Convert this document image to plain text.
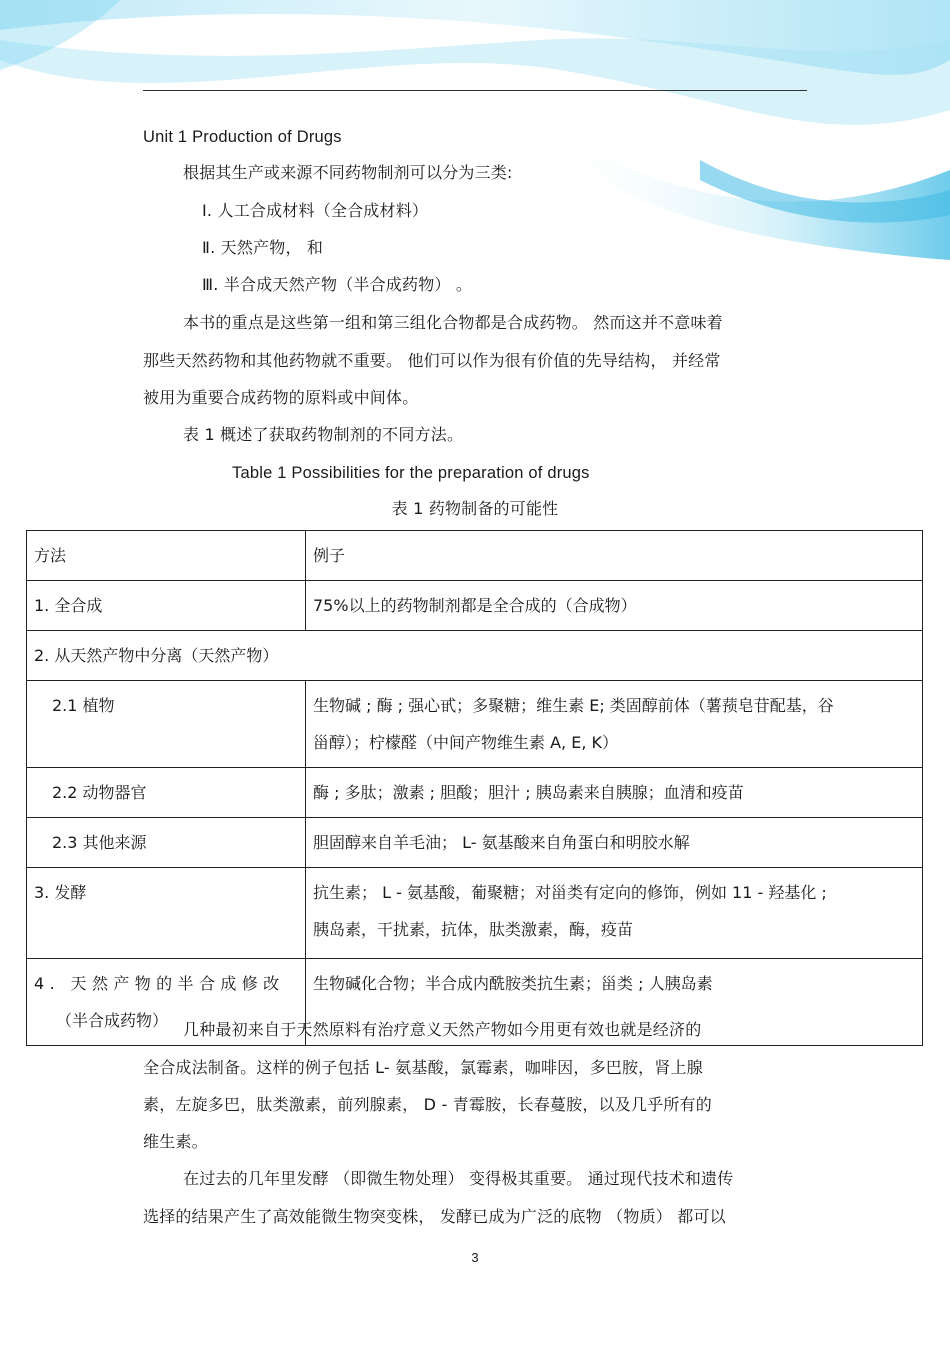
Unit 1 Production of Drugs
根据其生产或来源不同药物制剂可以分为三类:
Ⅰ. 人工合成材料（全合成材料）
Ⅱ. 天然产物， 和
Ⅲ. 半合成天然产物（半合成药物） 。
本书的重点是这些第一组和第三组化合物都是合成药物。 然而这并不意味着
那些天然药物和其他药物就不重要。 他们可以作为很有价值的先导结构， 并经常
被用为重要合成药物的原料或中间体。
表 1 概述了获取药物制剂的不同方法。
Table 1 Possibilities for the preparation of drugs
表 1 药物制备的可能性
方法	例子
1. 全合成	75%以上的药物制剂都是全合成的（合成物）

2. 从天然产物中分离（天然产物）	
2.1 植物	生物碱 ; 酶 ; 强心甙；多聚糖；维生素 E; 类固醇前体（薯蓣皂苷配基，谷
甾醇）；柠檬醛（中间产物维生素 A, E, K）

2.2 动物器官	酶 ; 多肽；激素 ; 胆酸；胆汁 ; 胰岛素来自胰腺；血清和疫苗

2.3 其他来源	胆固醇来自羊毛油； L- 氨基酸来自角蛋白和明胶水解

3. 发酵	抗生素； L - 氨基酸，葡聚糖；对甾类有定向的修饰，例如 11 - 羟基化 ;
胰岛素，干扰素，抗体，肽类激素，酶，疫苗

4. 天然产物的半合成修改
（半合成药物）	生物碱化合物；半合成内酰胺类抗生素；甾类 ; 人胰岛素
几种最初来自于天然原料有治疗意义天然产物如今用更有效也就是经济的
全合成法制备。这样的例子包括 L- 氨基酸，氯霉素，咖啡因，多巴胺，肾上腺
素，左旋多巴，肽类激素，前列腺素， D - 青霉胺，长春蔓胺，以及几乎所有的
维生素。
在过去的几年里发酵 （即微生物处理） 变得极其重要。 通过现代技术和遗传
选择的结果产生了高效能微生物突变株， 发酵已成为广泛的底物 （物质） 都可以
3
